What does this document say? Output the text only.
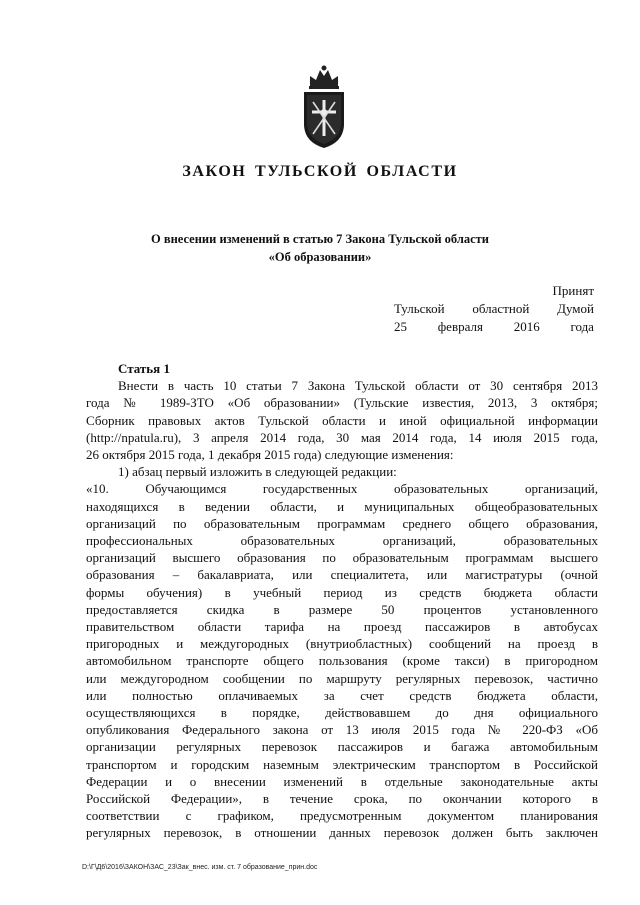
ЗАКОН ТУЛЬСКОЙ ОБЛАСТИ
О внесении изменений в статью 7 Закона Тульской области
«Об образовании»
Принят
Тульской областной Думой
25 февраля 2016 года
Статья 1
Внести в часть 10 статьи 7 Закона Тульской области от 30 сентября 2013
года № 1989-ЗТО «Об образовании» (Тульские известия, 2013, 3 октября;
Сборник правовых актов Тульской области и иной официальной информации
(http://npatula.ru), 3 апреля 2014 года, 30 мая 2014 года, 14 июля 2015 года,
26 октября 2015 года, 1 декабря 2015 года) следующие изменения:
1) абзац первый изложить в следующей редакции:
«10. Обучающимся государственных образовательных организаций,
находящихся в ведении области, и муниципальных общеобразовательных
организаций по образовательным программам среднего общего образования,
профессиональных образовательных организаций, образовательных
организаций высшего образования по образовательным программам высшего
образования – бакалавриата, или специалитета, или магистратуры (очной
формы обучения) в учебный период из средств бюджета области
предоставляется скидка в размере 50 процентов установленного
правительством области тарифа на проезд пассажиров в автобусах
пригородных и междугородных (внутриобластных) сообщений на проезд в
автомобильном транспорте общего пользования (кроме такси) в пригородном
или междугородном сообщении по маршруту регулярных перевозок, частично
или полностью оплачиваемых за счет средств бюджета области,
осуществляющихся в порядке, действовавшем до дня официального
опубликования Федерального закона от 13 июля 2015 года № 220-ФЗ «Об
организации регулярных перевозок пассажиров и багажа автомобильным
транспортом и городским наземным электрическим транспортом в Российской
Федерации и о внесении изменений в отдельные законодательные акты
Российской Федерации», в течение срока, по окончании которого в
соответствии с графиком, предусмотренным документом планирования
регулярных перевозок, в отношении данных перевозок должен быть заключен
D:\Г\Д6\2016\ЗАКОН\ЗАС_23\Зак_внес. изм. ст. 7 образование_прин.doc
